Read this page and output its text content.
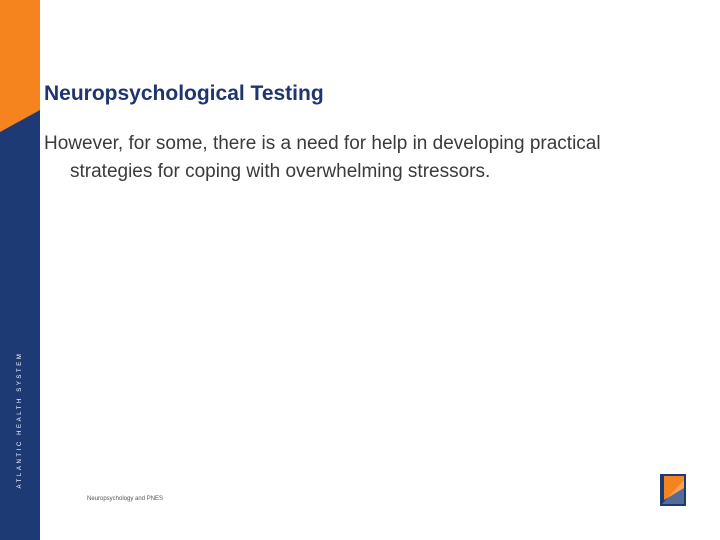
ATLANTIC HEALTH SYSTEM
Neuropsychological Testing

However, for some, there is a need for help in developing practical strategies for coping with overwhelming stressors.

Neuropsychology and PNES
